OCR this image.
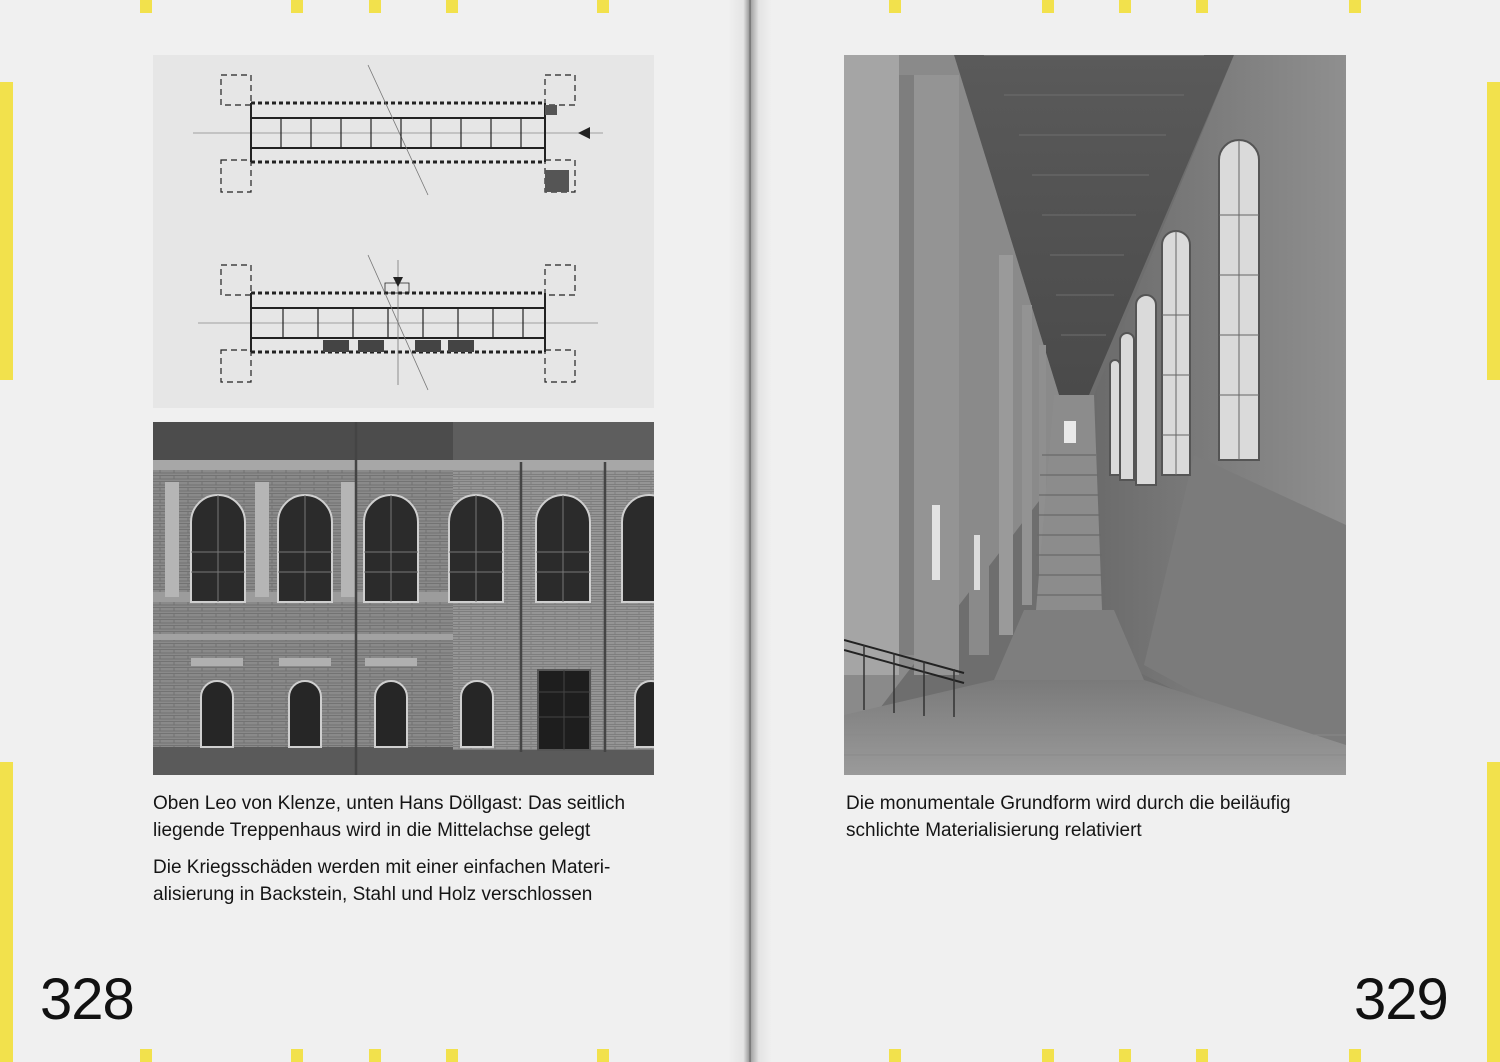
Oben Leo von Klenze, unten Hans Döllgast: Das seitlich liegende Treppenhaus wird in die Mittelachse gelegt

Die Kriegsschäden werden mit einer einfachen Materialisierung in Backstein, Stahl und Holz verschlossen

328
Die monumentale Grundform wird durch die beiläufig schlichte Materialisierung relativiert
329
